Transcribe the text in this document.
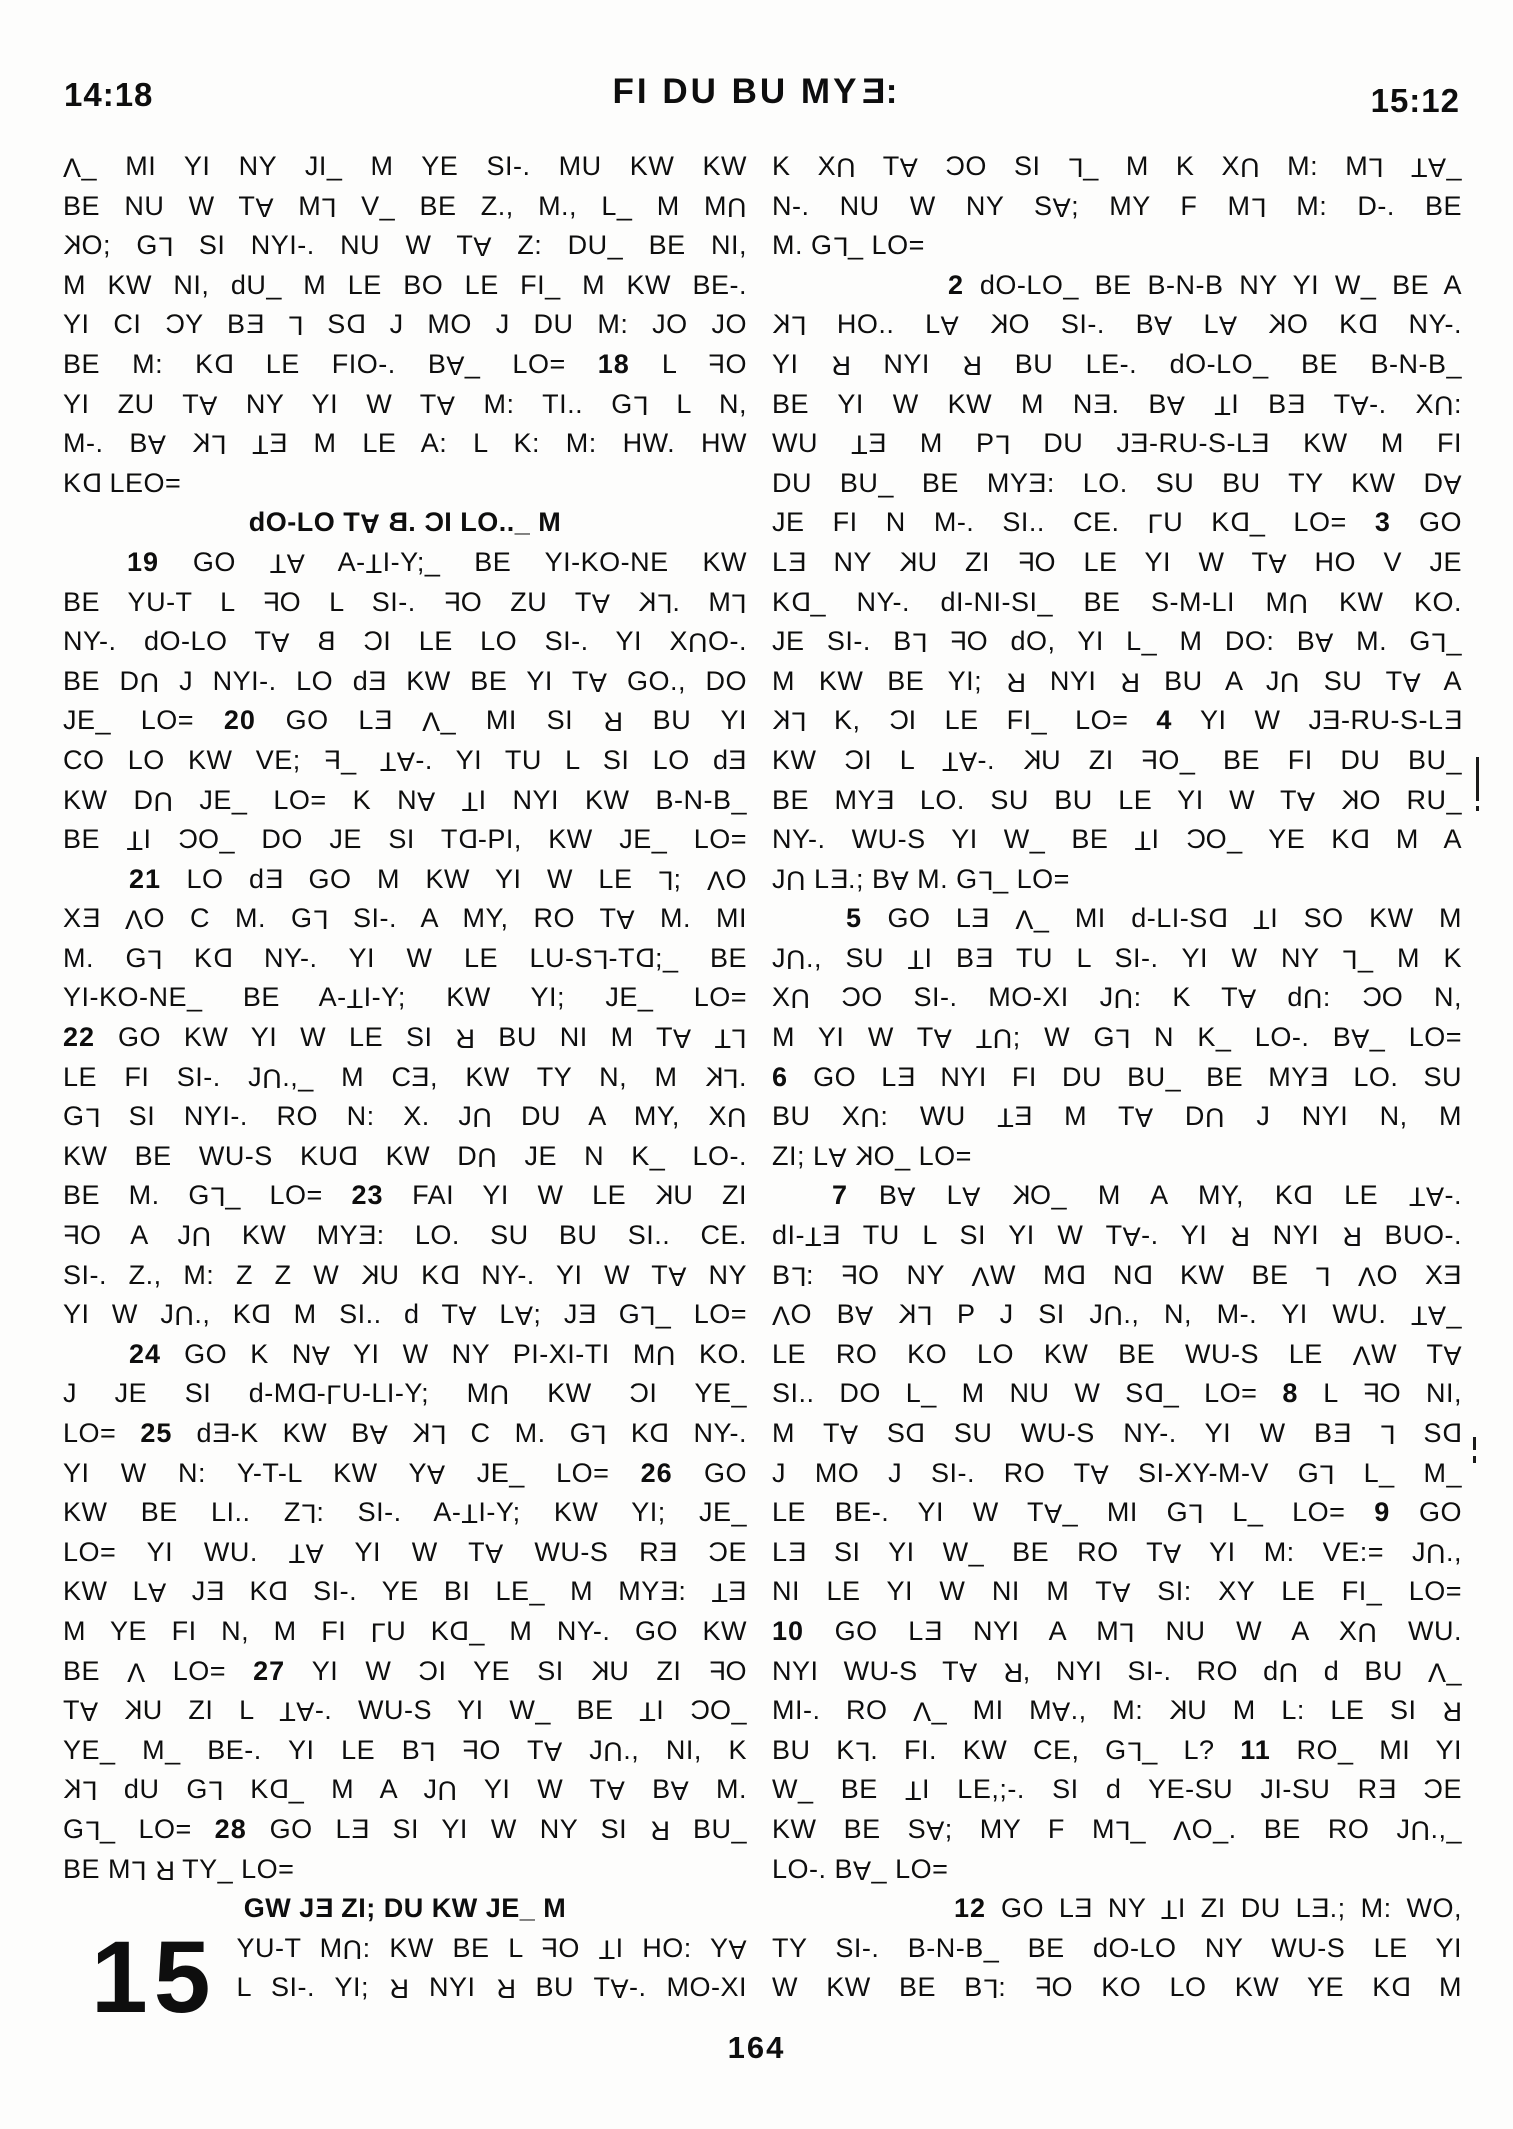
14:18	FI DU BU MYE:	15:12
V_ MI YI NY JI_ M YE SI-. MU KW KW
BE NU W TA ML V_ BE Z., M., L_ M MU
KO; GL SI NYI-. NU W TA Z: DU_ BE NI,
M KW NI, dU_ M LE BO LE FI_ M KW BE-.
YI CI CY BE L SD J MO J DU M: JO JO
BE M: KD LE FIO-. BA_ LO= 18 L FO
YI ZU TA NY YI W TA M: TI.. GL L N,
M-. BA KL TE M LE A: L K: M: HW. HW
KD LEO=
dO-LO TA B. CI LO.._ M
19 GO TA A-TI-Y;_ BE YI-KO-NE KW
BE YU-T L FO L SI-. FO ZU TA KL. ML
NY-. dO-LO TA B CI LE LO SI-. YI XUO-.
BE DU J NYI-. LO dE KW BE YI TA GO., DO
JE_ LO= 20 GO LE V_ MI SI R BU YI
CO LO KW VE; F_ TA-. YI TU L SI LO dE
KW DU JE_ LO= K NA TI NYI KW B-N-B_
BE TI CO_ DO JE SI TD-PI, KW JE_ LO=
21 LO dE GO M KW YI W LE L; VO
XE VO C M. GL SI-. A MY, RO TA M. MI
M. GL KD NY-. YI W LE LU-SL-TD;_ BE
YI-KO-NE_ BE A-TI-Y; KW YI; JE_ LO=
22 GO KW YI W LE SI R BU NI M TA TL
LE FI SI-. JU.,_ M CE, KW TY N, M KL.
GL SI NYI-. RO N: X. JU DU A MY, XU
KW BE WU-S KUD KW DU JE N K_ LO-.
BE M. GL_ LO= 23 FAI YI W LE KU ZI
FO A JU KW MYE: LO. SU BU SI.. CE.
SI-. Z., M: Z Z W KU KD NY-. YI W TA NY
YI W JU., KD M SI.. d TA LA; JE GL_ LO=
24 GO K NA YI W NY PI-XI-TI MU KO.
J JE SI d-MD-LU-LI-Y; MU KW CI YE_
LO= 25 dE-K KW BA KL C M. GL KD NY-.
YI W N: Y-T-L KW YA JE_ LO= 26 GO
KW BE LI.. ZL: SI-. A-TI-Y; KW YI; JE_
LO= YI WU. TA YI W TA WU-S RE CE
KW LA JE KD SI-. YE BI LE_ M MYE: TE
M YE FI N, M FI LU KD_ M NY-. GO KW
BE V LO= 27 YI W CI YE SI KU ZI FO
TA KU ZI L TA-. WU-S YI W_ BE TI CO_
YE_ M_ BE-. YI LE BL FO TA JU., NI, K
KL dU GL KD_ M A JU YI W TA BA M.
GL_ LO= 28 GO LE SI YI W NY SI R BU_
BE ML R TY_ LO=
GW JE ZI; DU KW JE_ M
15 YU-T MU: KW BE L FO TI HO: YA
L SI-. YI; R NYI R BU TA-. MO-XI
K XU TA CO SI L_ M K XU M: ML TA_
N-. NU W NY SA; MY F ML M: D-. BE
M. GL_ LO=
2 dO-LO_ BE B-N-B NY YI W_ BE A
KL HO.. LA KO SI-. BA LA KO KD NY-.
YI R NYI R BU LE-. dO-LO_ BE B-N-B_
BE YI W KW M NE. BA TI BE TA-. XU:
WU TE M PL DU JE-RU-S-LE KW M FI
DU BU_ BE MYE: LO. SU BU TY KW DA
JE FI N M-. SI.. CE. LU KD_ LO= 3 GO
LE NY KU ZI FO LE YI W TA HO V JE
KD_ NY-. dI-NI-SI_ BE S-M-LI MU KW KO.
JE SI-. BL FO dO, YI L_ M DO: BA M. GL_
M KW BE YI; R NYI R BU A JU SU TA A
KL K, CI LE FI_ LO= 4 YI W JE-RU-S-LE
KW CI L TA-. KU ZI FO_ BE FI DU BU_
BE MYE LO. SU BU LE YI W TA KO RU_
NY-. WU-S YI W_ BE TI CO_ YE KD M A
JU LE.; BA M. GL_ LO=
5 GO LE V_ MI d-LI-SD TI SO KW M
JU., SU TI BE TU L SI-. YI W NY L_ M K
XU CO SI-. MO-XI JU: K TA dU: CO N,
M YI W TA TU; W GL N K_ LO-. BA_ LO=
6 GO LE NYI FI DU BU_ BE MYE LO. SU
BU XU: WU TE M TA DU J NYI N, M
ZI; LA KO_ LO=
7 BA LA KO_ M A MY, KD LE TA-.
dI-TE TU L SI YI W TA-. YI R NYI R BUO-.
BL: FO NY VW MD ND KW BE L VO XE
VO BA KL P J SI JU., N, M-. YI WU. TA_
LE RO KO LO KW BE WU-S LE VW TA
SI.. DO L_ M NU W SD_ LO= 8 L FO NI,
M TA SD SU WU-S NY-. YI W BE L SD
J MO J SI-. RO TA SI-XY-M-V GL L_ M_
LE BE-. YI W TA_ MI GL L_ LO= 9 GO
LE SI YI W_ BE RO TA YI M: VE:= JU.,
NI LE YI W NI M TA SI: XY LE FI_ LO=
10 GO LE NYI A ML NU W A XU WU.
NYI WU-S TA R, NYI SI-. RO dU d BU V_
MI-. RO V_ MI MA., M: KU M L: LE SI R
BU KL. FI. KW CE, GL_ L? 11 RO_ MI YI
W_ BE TI LE,;-. SI d YE-SU JI-SU RE CE
KW BE SA; MY F ML_ VO_. BE RO JU.,_
LO-. BA_ LO=
12 GO LE NY TI ZI DU LE.; M: WO,
TY SI-. B-N-B_ BE dO-LO NY WU-S LE YI
W KW BE BL: FO KO LO KW YE KD M
164
